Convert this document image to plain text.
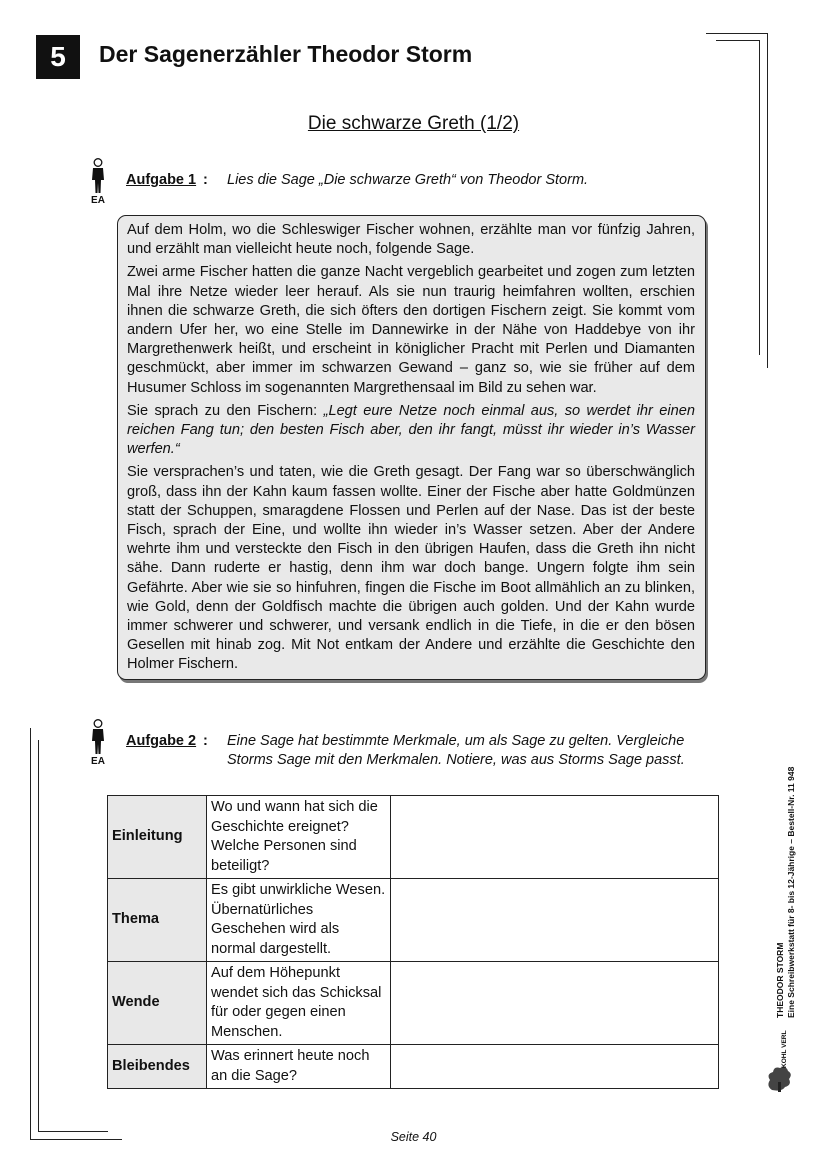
5	Der Sagenerzähler Theodor Storm
Die schwarze Greth (1/2)
EA
Aufgabe 1 : Lies die Sage „Die schwarze Greth“ von Theodor Storm.

Auf dem Holm, wo die Schleswiger Fischer wohnen, erzählte man vor fünfzig Jahren, und erzählt man vielleicht heute noch, folgende Sage.

Zwei arme Fischer hatten die ganze Nacht vergeblich gearbeitet und zogen zum letzten Mal ihre Netze wieder leer herauf. Als sie nun traurig heimfahren wollten, erschien ihnen die schwarze Greth, die sich öfters den dortigen Fischern zeigt. Sie kommt vom andern Ufer her, wo eine Stelle im Dannewirke in der Nähe von Haddebye von ihr Margrethenwerk heißt, und erscheint in königlicher Pracht mit Perlen und Diamanten geschmückt, aber immer im schwarzen Gewand – ganz so, wie sie früher auf dem Husumer Schloss im sogenannten Margrethensaal im Bild zu sehen war.

Sie sprach zu den Fischern: „Legt eure Netze noch einmal aus, so werdet ihr einen reichen Fang tun; den besten Fisch aber, den ihr fangt, müsst ihr wieder in’s Wasser werfen.“

Sie versprachen’s und taten, wie die Greth gesagt. Der Fang war so überschwänglich groß, dass ihn der Kahn kaum fassen wollte. Einer der Fische aber hatte Goldmünzen statt der Schuppen, smaragdene Flossen und Perlen auf der Nase. Das ist der beste Fisch, sprach der Eine, und wollte ihn wieder in’s Wasser setzen. Aber der Andere wehrte ihm und versteckte den Fisch in den übrigen Haufen, dass die Greth ihn nicht sähe. Dann ruderte er hastig, denn ihm war doch bange. Ungern folgte ihm sein Gefährte. Aber wie sie so hinfuhren, fingen die Fische im Boot allmählich an zu blinken, wie Gold, denn der Goldfisch machte die übrigen auch golden. Und der Kahn wurde immer schwerer und schwerer, und versank endlich in die Tiefe, in die er den bösen Gesellen mit hinab zog. Mit Not entkam der Andere und erzählte die Geschichte den Holmer Fischern.

EA
Aufgabe 2 : Eine Sage hat bestimmte Merkmale, um als Sage zu gelten. Vergleiche
Storms Sage mit den Merkmalen. Notiere, was aus Storms Sage passt.
Einleitung	Wo und wann hat sich die Geschichte ereignet? Welche Personen sind beteiligt?	
Thema	Es gibt unwirkliche Wesen. Übernatürliches Geschehen wird als normal dargestellt.	
Wende	Auf dem Höhepunkt wendet sich das Schicksal für oder gegen einen Menschen.	
Bleibendes	Was erinnert heute noch an die Sage?	
THEODOR STORM Eine Schreibwerkstatt für 8- bis 12-Jährige – Bestell-Nr. 11 948
KOHL VERLAG
Seite 40
